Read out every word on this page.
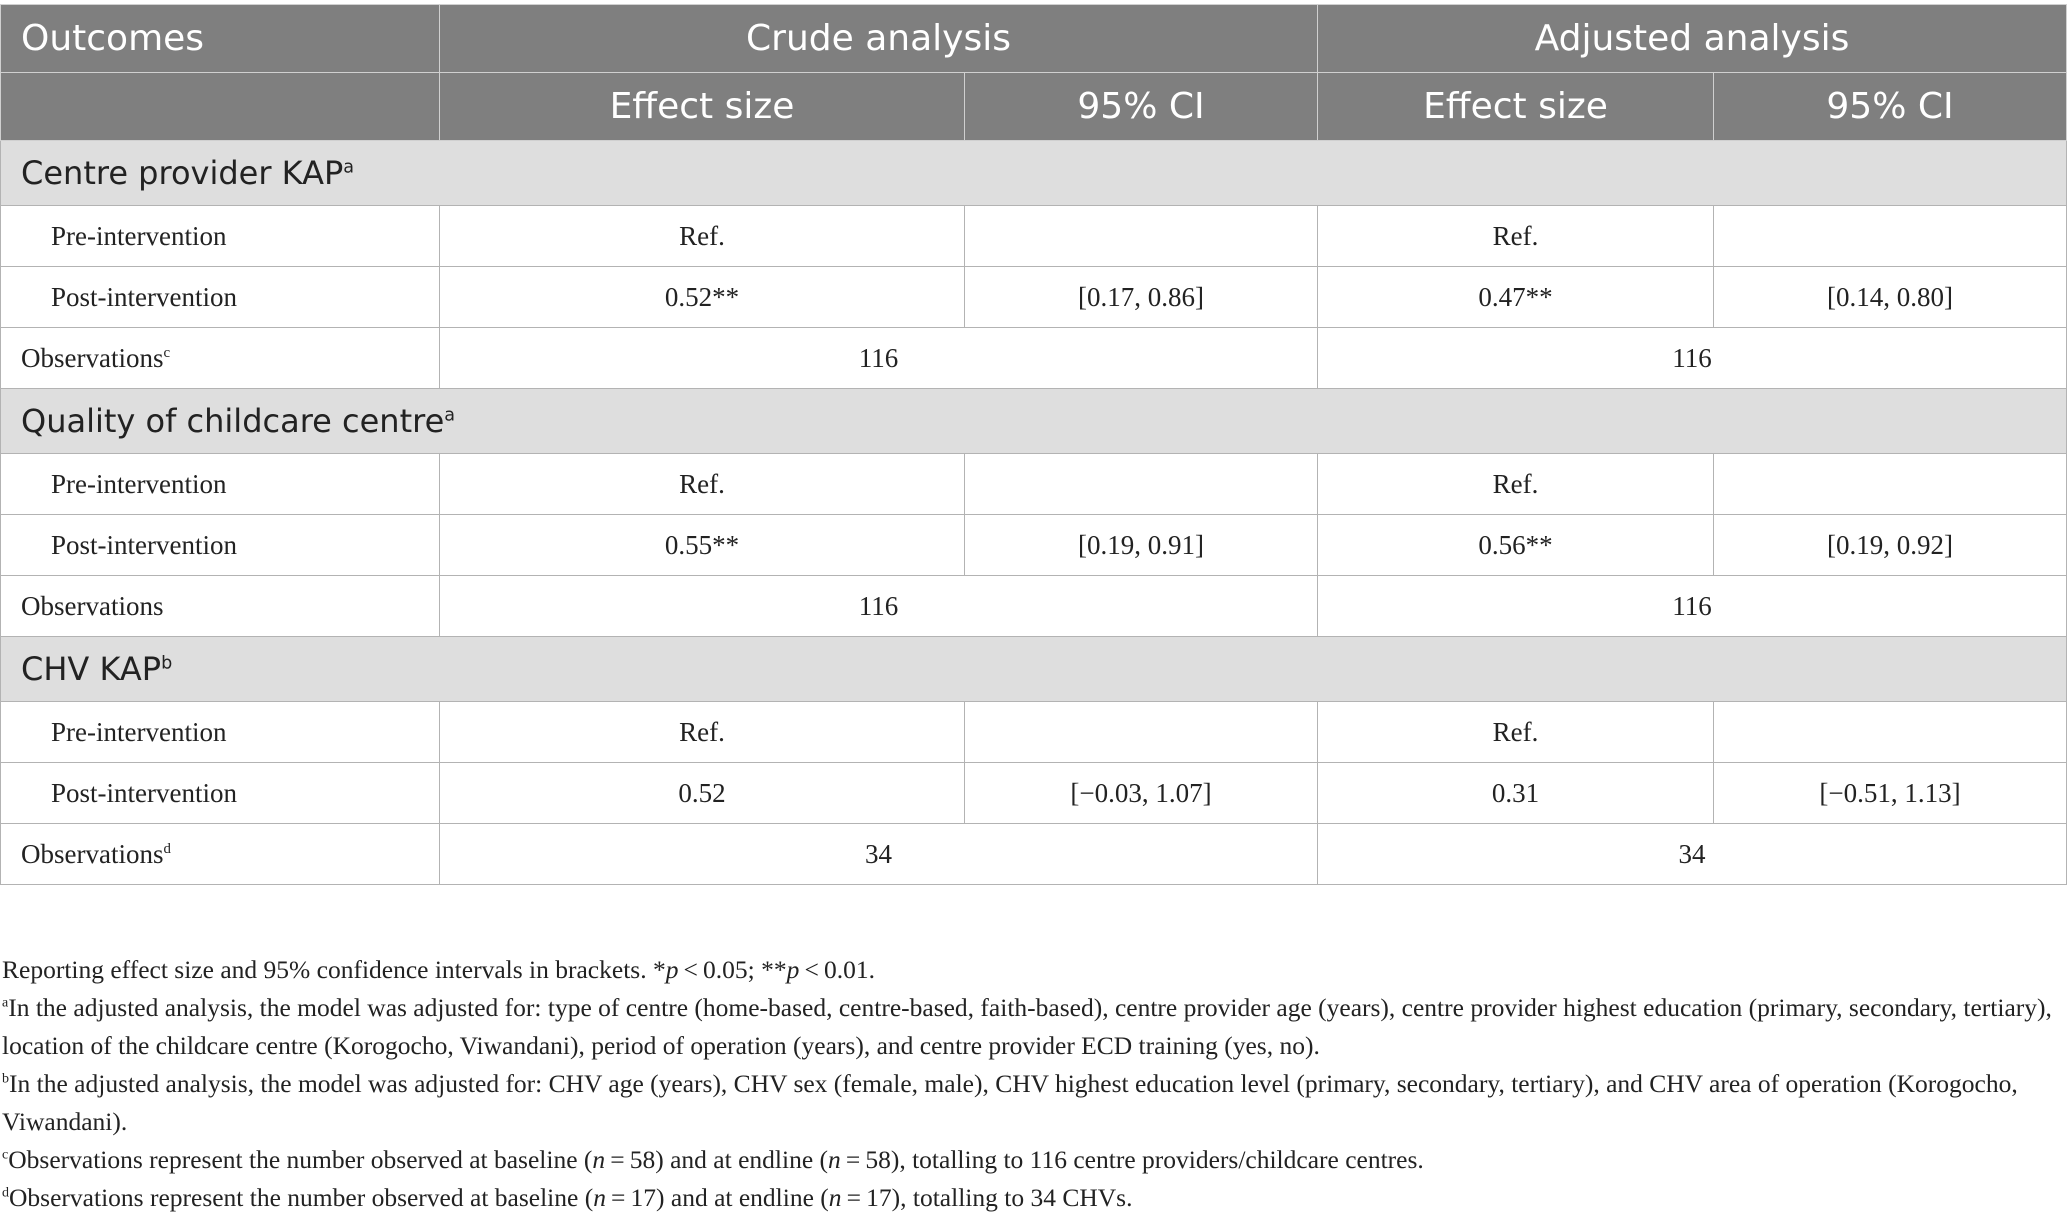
Outcomes	Crude analysis		Adjusted analysis	
	Effect size	95% CI	Effect size	95% CI
Centre provider KAP$^a$
Pre-intervention	Ref.		Ref.	
Post-intervention	0.52**	[0.17, 0.86]	0.47**	[0.14, 0.80]
Observations$^c$	116		116	
Quality of childcare centre$^a$
Pre-intervention	Ref.		Ref.	
Post-intervention	0.55**	[0.19, 0.91]	0.56**	[0.19, 0.92]
Observations	116		116	
CHV KAP$^b$
Pre-intervention	Ref.		Ref.	
Post-intervention	0.52	[−0.03, 1.07]	0.31	[−0.51, 1.13]
Observations$^d$	34		34	

Reporting effect size and 95% confidence intervals in brackets. *p < 0.05; **p < 0.01.

$^a$In the adjusted analysis, the model was adjusted for: type of centre (home-based, centre-based, faith-based), centre provider age (years), centre provider highest education (primary, secondary, tertiary), location of the childcare centre (Korogocho, Viwandani), period of operation (years), and centre provider ECD training (yes, no).

$^b$In the adjusted analysis, the model was adjusted for: CHV age (years), CHV sex (female, male), CHV highest education level (primary, secondary, tertiary), and CHV area of operation (Korogocho, Viwandani).

$^c$Observations represent the number observed at baseline (n = 58) and at endline (n = 58), totalling to 116 centre providers/childcare centres.

$^d$Observations represent the number observed at baseline (n = 17) and at endline (n = 17), totalling to 34 CHVs.
